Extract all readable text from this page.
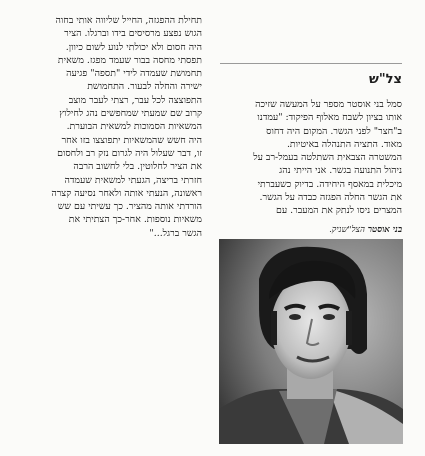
תחילת ההפגזה, החייל שליווה אותי בחוה
הגוש נפצע מרסיסים בידו וברגלו. הציר
היה חסום ולא יכולתי לנוע לשום כיוון.
תפסתי מחסה בבור שעמד מפגז. משאית
תחמושת שעמדה לידי "תספה" פגיעה
ישירה והחלה לבעור. התחמושת
התפוצצה לכל עבר, רצתי לעבר מוצב
קרוב שם שמעתי שמחפשים נהג לחילוץ
המשאיות הסמוכות למשאית הבוערת.
היה חשש שהמשאיות יתפוצצו בזו אחר
זו, דבר שעלול היה לגרום נזק רב ולחסום
את הציר לחלוטין. בלי לחשוב הרבה
חזרתי בריצה, הגעתי למשאית שעמדה
ראשונה, הנעתי אותה ולאחר נסיעה קצרה
הורדתי אותה מהציר. כך עשיתי עם שש
משאיות נוספות. אחר-כך הצתיתי את
הגשר ברגל..."
צל"ש
סמל בני אוסטר מספר על המעשה שזיכה
אותו בציון לשבח מאלוף הפיקוד: "עמדנו
ב"חצר" לפני הגשר. המקום היה דחוס
מאוד. התציה התנהלה באיטיות.
המשטרה הצבאית השתלטה בעמל-רב על
ניהול התנועה בגשר. אני הייתי נהג
מיכלית במאסף היחידה. בדיוק כשעברתי
את הגשר החלה הפגזה כבדה על הגשר.
המצרים ניסו לנתק את המעבר. עם
בני אוסטר הצל"שניק.
